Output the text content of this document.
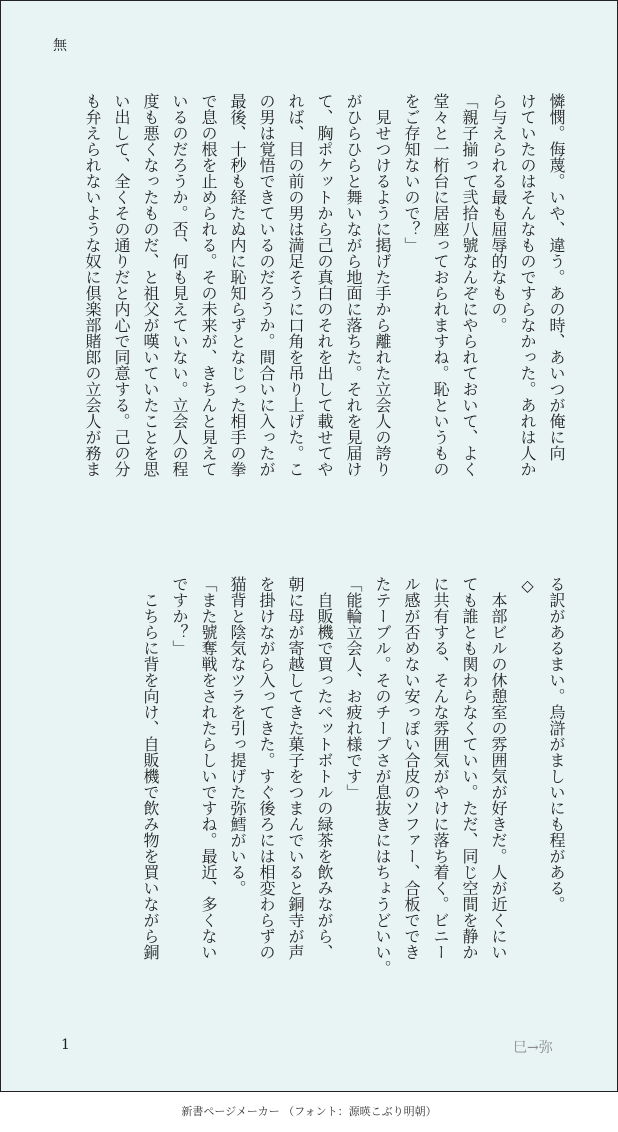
無
憐憫。侮蔑。いや、違う。あの時、あいつが俺に向
けていたのはそんなものですらなかった。あれは人か
ら与えられる最も屈辱的なもの。
「親子揃って弐拾八號なんぞにやられておいて、よく
堂々と一桁台に居座っておられますね。恥というもの
をご存知ないので？」
　見せつけるように掲げた手から離れた立会人の誇り
がひらひらと舞いながら地面に落ちた。それを見届け
て、胸ポケットから己の真白のそれを出して載せてや
れば、目の前の男は満足そうに口角を吊り上げた。こ
の男は覚悟できているのだろうか。間合いに入ったが
最後、十秒も経たぬ内に恥知らずとなじった相手の拳
で息の根を止められる。その未来が、きちんと見えて
いるのだろうか。否、何も見えていない。立会人の程
度も悪くなったものだ、と祖父が嘆いていたことを思
い出して、全くその通りだと内心で同意する。己の分
も弁えられないような奴に倶楽部賭郎の立会人が務ま
る訳があるまい。烏滸がましいにも程がある。
◇
　本部ビルの休憩室の雰囲気が好きだ。人が近くにい
ても誰とも関わらなくていい。ただ、同じ空間を静か
に共有する、そんな雰囲気がやけに落ち着く。ビニー
ル感が否めない安っぽい合皮のソファー、合板ででき
たテーブル。そのチープさが息抜きにはちょうどいい。
「能輪立会人、お疲れ様です」
　自販機で買ったペットボトルの緑茶を飲みながら、
朝に母が寄越してきた菓子をつまんでいると銅寺が声
を掛けながら入ってきた。すぐ後ろには相変わらずの
猫背と陰気なツラを引っ提げた弥鱈がいる。
「また號奪戦をされたらしいですね。最近、多くない
ですか？」
　こちらに背を向け、自販機で飲み物を買いながら銅
1	巳→弥
新書ページメーカー （フォント：源暎こぶり明朝）
